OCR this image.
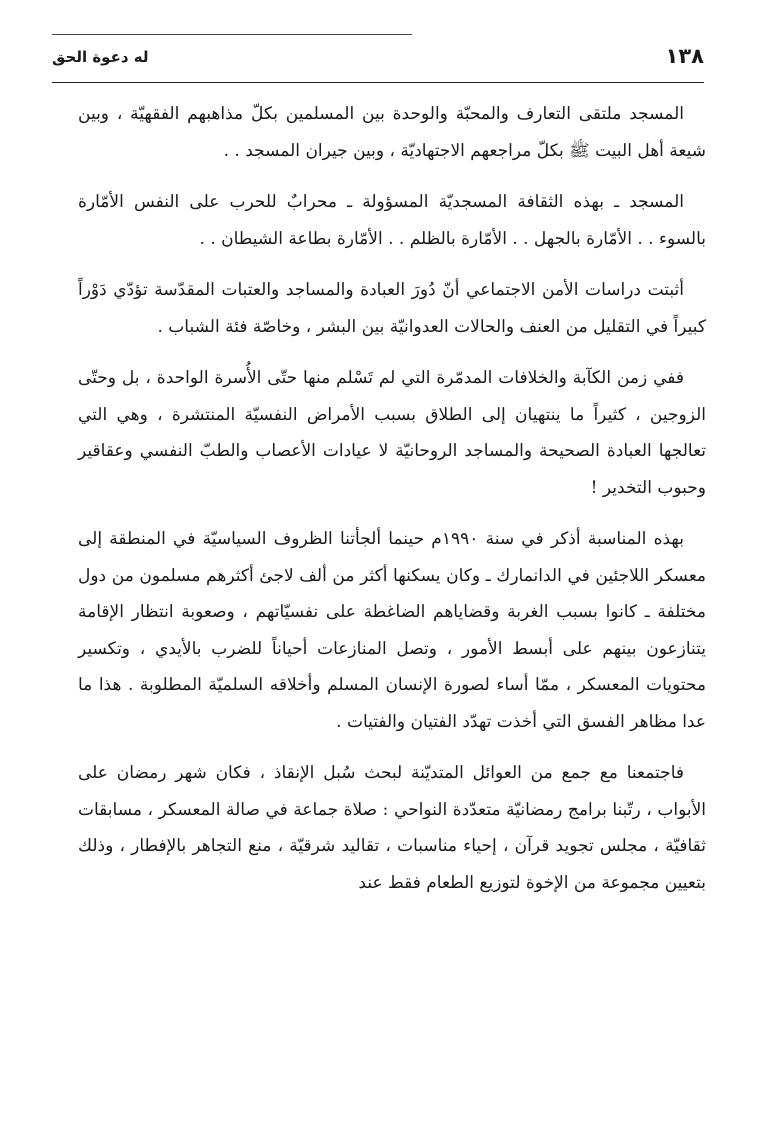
١٣٨
له دعوة الحق

المسجد ملتقى التعارف والمحبّة والوحدة بين المسلمين بكلّ مذاهبهم الفقهيّة ، وبين شيعة أهل البيت ﷺ بكلّ مراجعهم الاجتهاديّة ، وبين جيران المسجد . .

المسجد ـ بهذه الثقافة المسجديّة المسؤولة ـ محرابٌ للحرب على النفس الأمّارة بالسوء . . الأمّارة بالجهل . . الأمّارة بالظلم . . الأمّارة بطاعة الشيطان . .

أثبتت دراسات الأمن الاجتماعي أنّ دُورَ العبادة والمساجد والعتبات المقدّسة تؤدّي دَوْراً كبيراً في التقليل من العنف والحالات العدوانيّة بين البشر ، وخاصّة فئة الشباب .

ففي زمن الكآبة والخلافات المدمّرة التي لم تَسْلم منها حتّى الأُسرة الواحدة ، بل وحتّى الزوجين ، كثيراً ما ينتهيان إلى الطلاق بسبب الأمراض النفسيّة المنتشرة ، وهي التي تعالجها العبادة الصحيحة والمساجد الروحانيّة لا عيادات الأعصاب والطبّ النفسي وعقاقير وحبوب التخدير !

بهذه المناسبة أذكر في سنة ١٩٩٠م حينما ألجأتنا الظروف السياسيّة في المنطقة إلى معسكر اللاجئين في الدانمارك ـ وكان يسكنها أكثر من ألف لاجئ أكثرهم مسلمون من دول مختلفة ـ كانوا بسبب الغربة وقضاياهم الضاغطة على نفسيّاتهم ، وصعوبة انتظار الإقامة يتنازعون بينهم على أبسط الأمور ، وتصل المنازعات أحياناً للضرب بالأيدي ، وتكسير محتويات المعسكر ، ممّا أساء لصورة الإنسان المسلم وأخلاقه السلميّة المطلوبة . هذا ما عدا مظاهر الفسق التي أخذت تهدّد الفتيان والفتيات .

فاجتمعنا مع جمع من العوائل المتديّنة لبحث سُبل الإنقاذ ، فكان شهر رمضان على الأبواب ، رتّبنا برامج رمضانيّة متعدّدة النواحي : صلاة جماعة في صالة المعسكر ، مسابقات ثقافيّة ، مجلس تجويد قرآن ، إحياء مناسبات ، تقاليد شرقيّة ، منع التجاهر بالإفطار ، وذلك بتعيين مجموعة من الإخوة لتوزيع الطعام فقط عند
